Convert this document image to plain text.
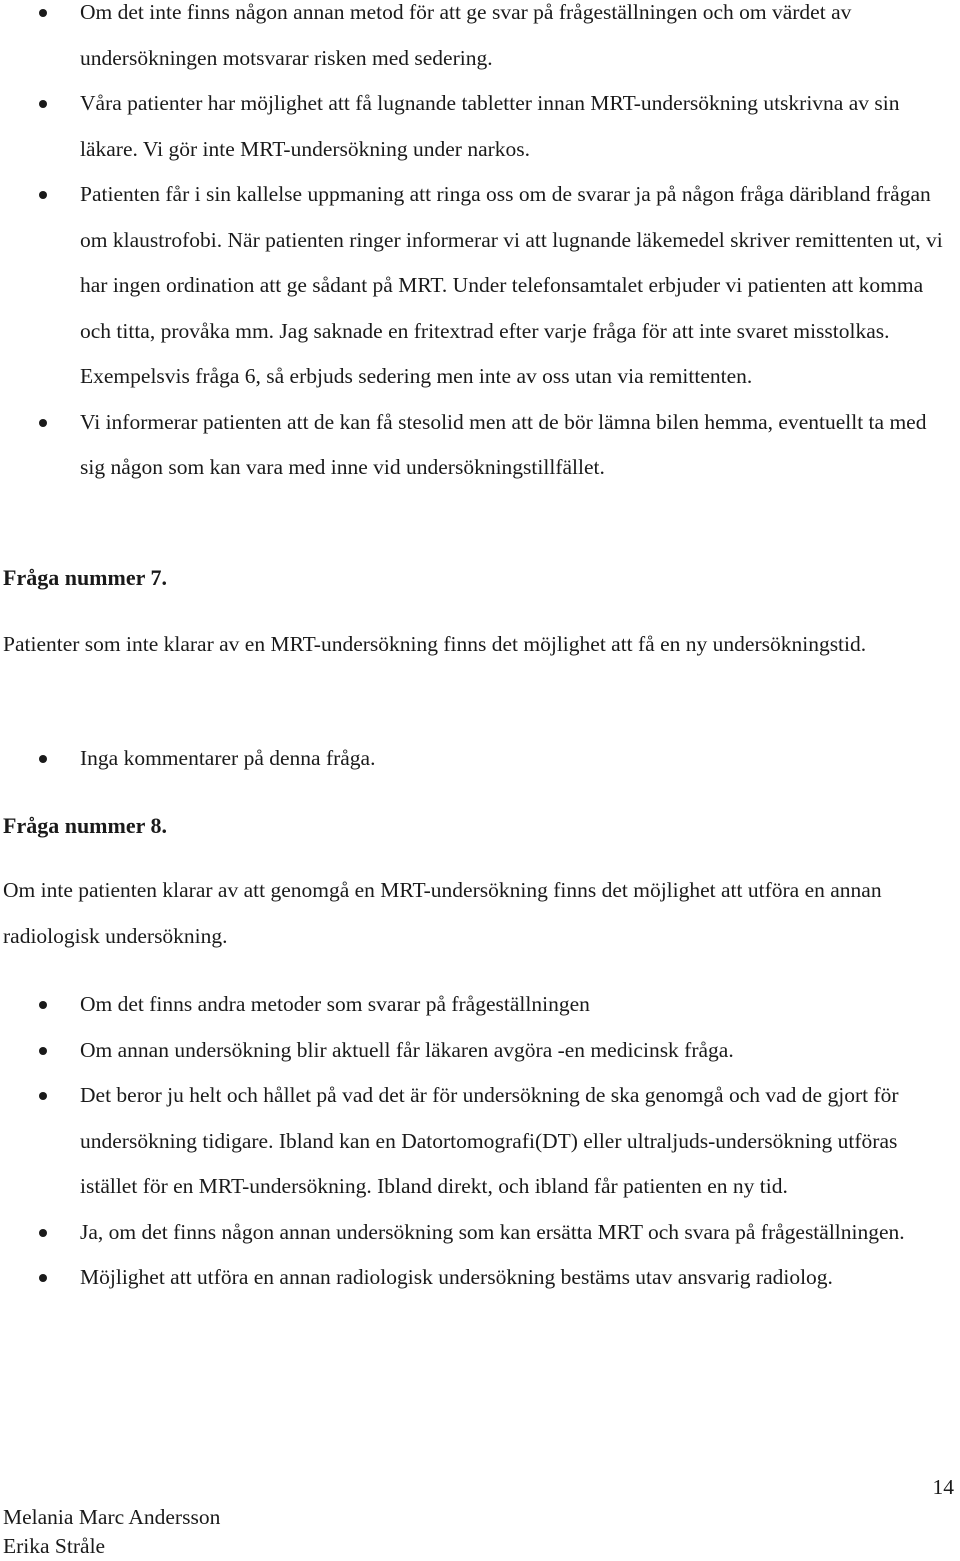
Om det inte finns någon annan metod för att ge svar på frågeställningen och om värdet av undersökningen motsvarar risken med sedering.
Våra patienter har möjlighet att få lugnande tabletter innan MRT-undersökning utskrivna av sin läkare. Vi gör inte MRT-undersökning under narkos.
Patienten får i sin kallelse uppmaning att ringa oss om de svarar ja på någon fråga däribland frågan om klaustrofobi. När patienten ringer informerar vi att lugnande läkemedel skriver remittenten ut, vi har ingen ordination att ge sådant på MRT. Under telefonsamtalet erbjuder vi patienten att komma och titta, provåka mm. Jag saknade en fritextrad efter varje fråga för att inte svaret misstolkas. Exempelsvis fråga 6, så erbjuds sedering men inte av oss utan via remittenten.
Vi informerar patienten att de kan få stesolid men att de bör lämna bilen hemma, eventuellt ta med sig någon som kan vara med inne vid undersökningstillfället.
Fråga nummer 7.
Patienter som inte klarar av en MRT-undersökning finns det möjlighet att få en ny undersökningstid.
Inga kommentarer på denna fråga.
Fråga nummer 8.
Om inte patienten klarar av att genomgå en MRT-undersökning finns det möjlighet att utföra en annan radiologisk undersökning.
Om det finns andra metoder som svarar på frågeställningen
Om annan undersökning blir aktuell får läkaren avgöra -en medicinsk fråga.
Det beror ju helt och hållet på vad det är för undersökning de ska genomgå och vad de gjort för undersökning tidigare. Ibland kan en Datortomografi(DT) eller ultraljuds-undersökning utföras istället för en MRT-undersökning. Ibland direkt, och ibland får patienten en ny tid.
Ja, om det finns någon annan undersökning som kan ersätta MRT och svara på frågeställningen.
Möjlighet att utföra en annan radiologisk undersökning bestäms utav ansvarig radiolog.
14
Melania Marc Andersson
Erika Stråle
